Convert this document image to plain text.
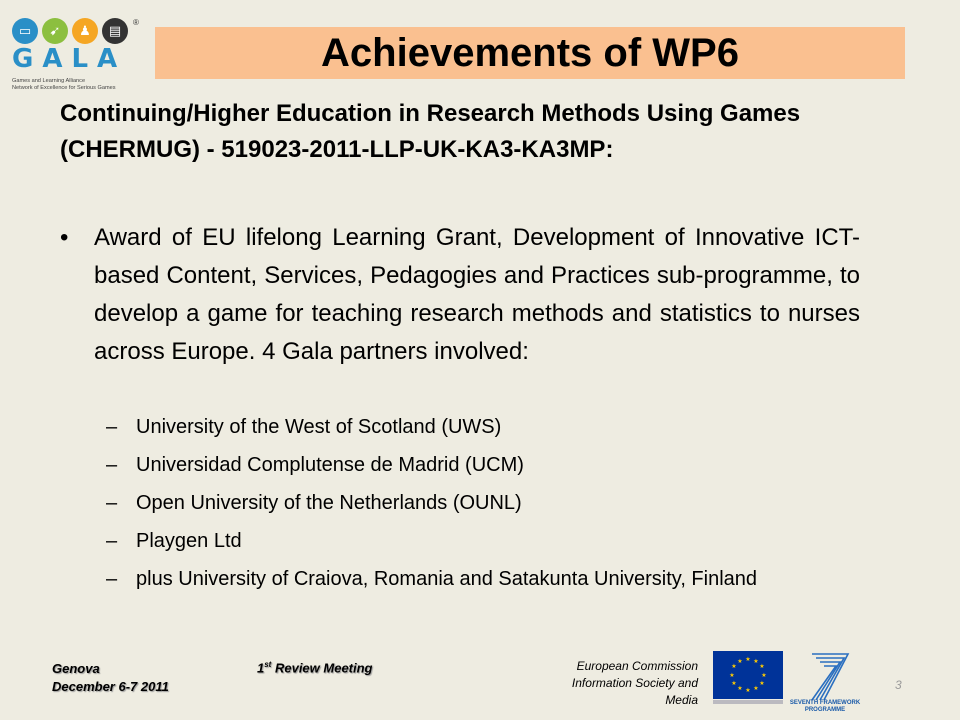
▭ ➹ ♟ ▤
®
GALA
Games and Learning Alliance
Network of Excellence for Serious Games
Achievements of WP6
Continuing/Higher Education in Research Methods Using Games (CHERMUG) - 519023-2011-LLP-UK-KA3-KA3MP:
• Award of EU lifelong Learning Grant, Development of Innovative ICT-based Content, Services, Pedagogies and Practices sub-programme, to develop a game for teaching research methods and statistics to nurses across Europe. 4 Gala partners involved:
– University of the West of Scotland (UWS)
– Universidad Complutense de Madrid (UCM)
– Open University of the Netherlands (OUNL)
– Playgen Ltd
– plus University of Craiova, Romania and Satakunta University, Finland
Genova
December 6-7 2011
1st Review Meeting	European Commission
Information Society and
Media
★ ★
★
★
★
★
★
★
★
★
★
★
SEVENTH FRAMEWORK
PROGRAMME
3
